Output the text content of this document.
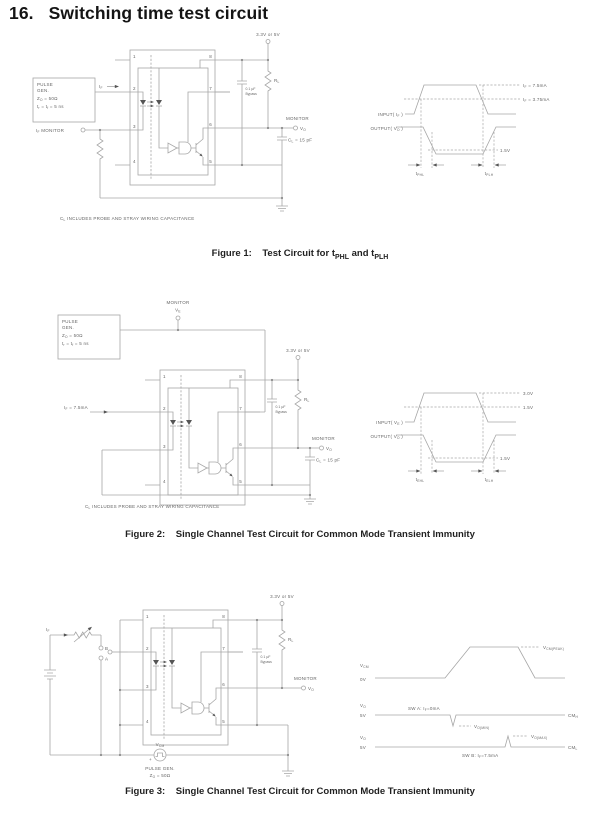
16. Switching time test circuit
3.3V or 5V
PULSE
GEN.
$Z_O = 50\Omega$
$t_r = t_f = 5$ ns
$I_F$
$I_F$ MONITOR
1
2
3
4
8
7
6
5
0.1 μF
Bypass
$R_L$
MONITOR
$V_O$
$C_L = 15$ pF
$C_L$ INCLUDES PROBE AND STRAY WIRING CAPACITANCE
INPUT( $I_F$ )
OUTPUT( $V_O$ )
$I_F = 7.5mA$
$I_F = 3.75mA$
1.5V
$t_{PHL}$	$t_{PLH}$
Figure 1:    Test Circuit for $t_{PHL}$ and $t_{PLH}$
MONITOR
$V_E$
PULSE
GEN.
$Z_O = 50\Omega$
$t_r = t_f = 5$ ns
$I_F = 7.5mA$
1
2
3
4
8
7
6
5
3.3V or 5V
0.1 μF
Bypass
$R_L$
MONITOR
$V_O$
$C_L = 15$ pF
$C_L$ INCLUDES PROBE AND STRAY WIRING CAPACITANCE
INPUT( $V_E$ )
OUTPUT( $V_O$ )
3.0V
1.5V
1.5V
$t_{EHL}$	$t_{ELH}$
Figure 2:    Single Channel Test Circuit for Common Mode Transient Immunity
$I_F$
B
A
1
2
3
4
8
7
6
5
3.3V or 5V
0.1 μF
Bypass
$R_L$
MONITOR
$V_O$
$V_{CM}$
+
PULSE GEN.
$Z_O = 50\Omega$
$V_{CM}$
0V
$V_{CM(PEAK)}$
$V_O$
5V
SW A: $I_F=0mA$
$V_{O(MIN)}$
$CM_H$
$V_O$
5V
$V_{O(MAX)}$
SW B: $I_F=7.5mA$
$CM_L$
Figure 3:    Single Channel Test Circuit for Common Mode Transient Immunity
